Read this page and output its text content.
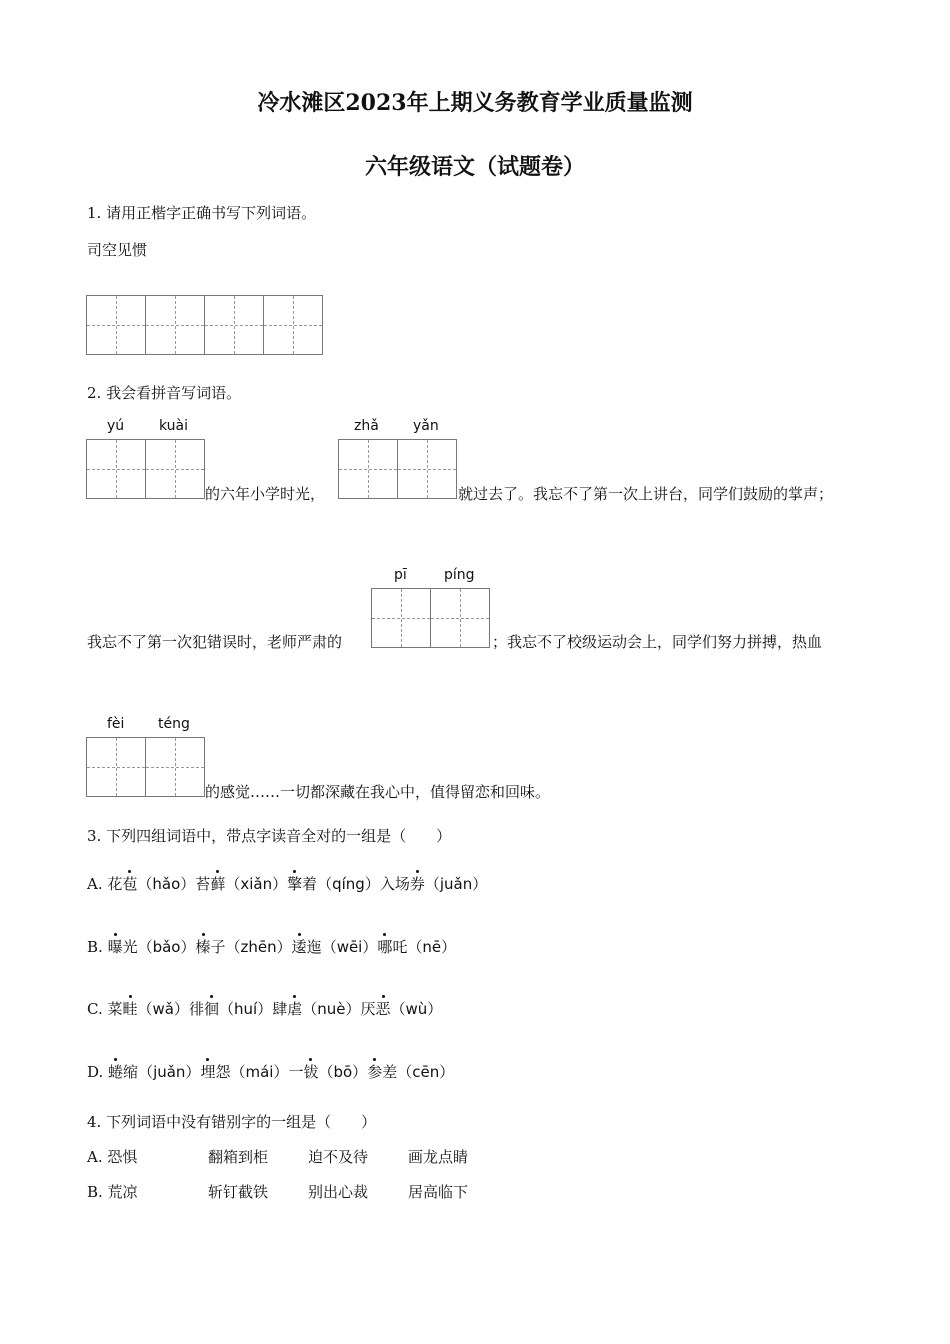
冷水滩区2023年上期义务教育学业质量监测
六年级语文（试题卷）
1. 请用正楷字正确书写下列词语。
司空见惯
2. 我会看拼音写词语。
yú kuài
的六年小学时光，
zhǎ yǎn
就过去了。我忘不了第一次上讲台，同学们鼓励的掌声；
pī	píng
我忘不了第一次犯错误时，老师严肃的	；我忘不了校级运动会上，同学们努力拼搏，热血
fèi téng
的感觉……一切都深藏在我心中，值得留恋和回味。
3. 下列四组词语中，带点字读音全对的一组是（　　）
A. 花苞（hǎo）苔藓（xiǎn）擎着（qíng）入场券（juǎn）
B. 曝光（bǎo）榛子（zhēn）逶迤（wēi）哪吒（nē）
C. 菜畦（wǎ）徘徊（huí）肆虐（nuè）厌恶（wù）
D. 蜷缩（juǎn）埋怨（mái）一钹（bō）参差（cēn）
4. 下列词语中没有错别字的一组是（　　）
A. 恐惧	翻箱到柜	迫不及待	画龙点睛
B. 荒凉	斩钉截铁	别出心裁	居高临下
